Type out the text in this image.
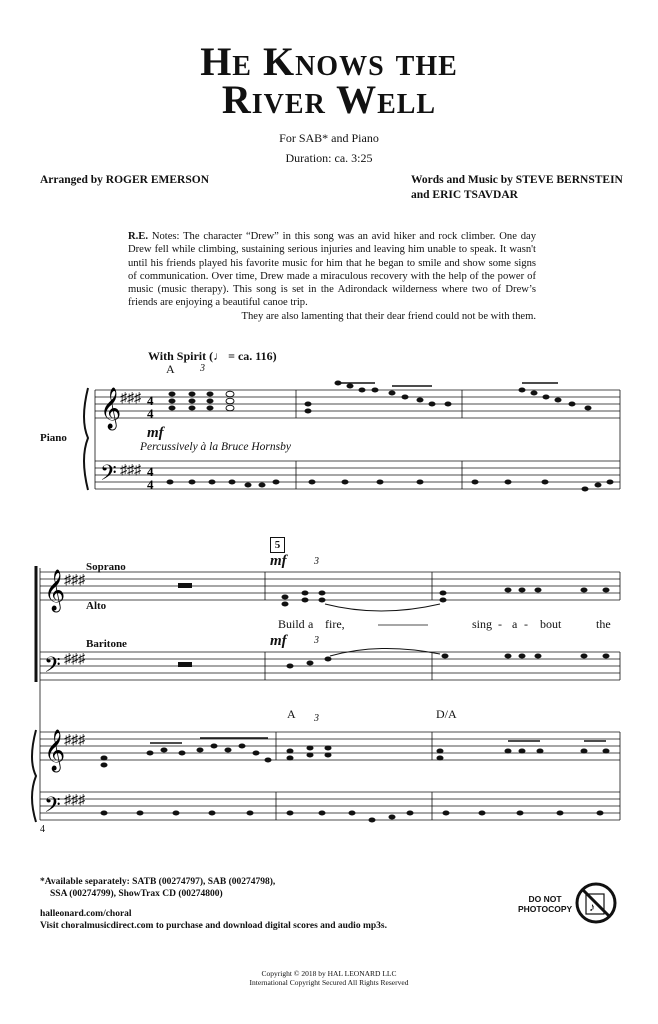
He Knows the
River Well
For SAB* and Piano
Duration: ca. 3:25
Arranged by ROGER EMERSON	Words and Music by STEVE BERNSTEIN
and ERIC TSAVDAR
R.E. Notes: The character “Drew” in this song was an avid hiker and rock climber. One day Drew fell while climbing, sustaining serious injuries and leaving him unable to speak. It wasn't until his friends played his favorite music for him that he began to smile and show some signs of communication. Over time, Drew made a miraculous recovery with the help of the power of music (music therapy). This song is set in the Adirondack wilderness where two of Drew’s friends are enjoying a beautiful canoe trip.
They are also lamenting that their dear friend could not be with them.
𝄞
𝄢
♯♯♯
♯♯♯
4
4
4
4
𝄞
𝄢
♯♯♯
♯♯♯
𝄞
𝄢
♯♯♯
♯♯♯
With Spirit (♩ = ca. 116)
A	3
mf
Percussively à la Bruce Hornsby
Piano
5
mf	3
Soprano
Alto
Build a fire,	sing - a - bout	the
Baritone	mf	3
A 3	D/A
4
*Available separately: SATB (00274797), SAB (00274798),
SSA (00274799), ShowTrax CD (00274800)
halleonard.com/choral
Visit choralmusicdirect.com to purchase and download digital scores and audio mp3s.
DO NOT
PHOTOCOPY ♪
Copyright © 2018 by HAL LEONARD LLC
International Copyright Secured All Rights Reserved
